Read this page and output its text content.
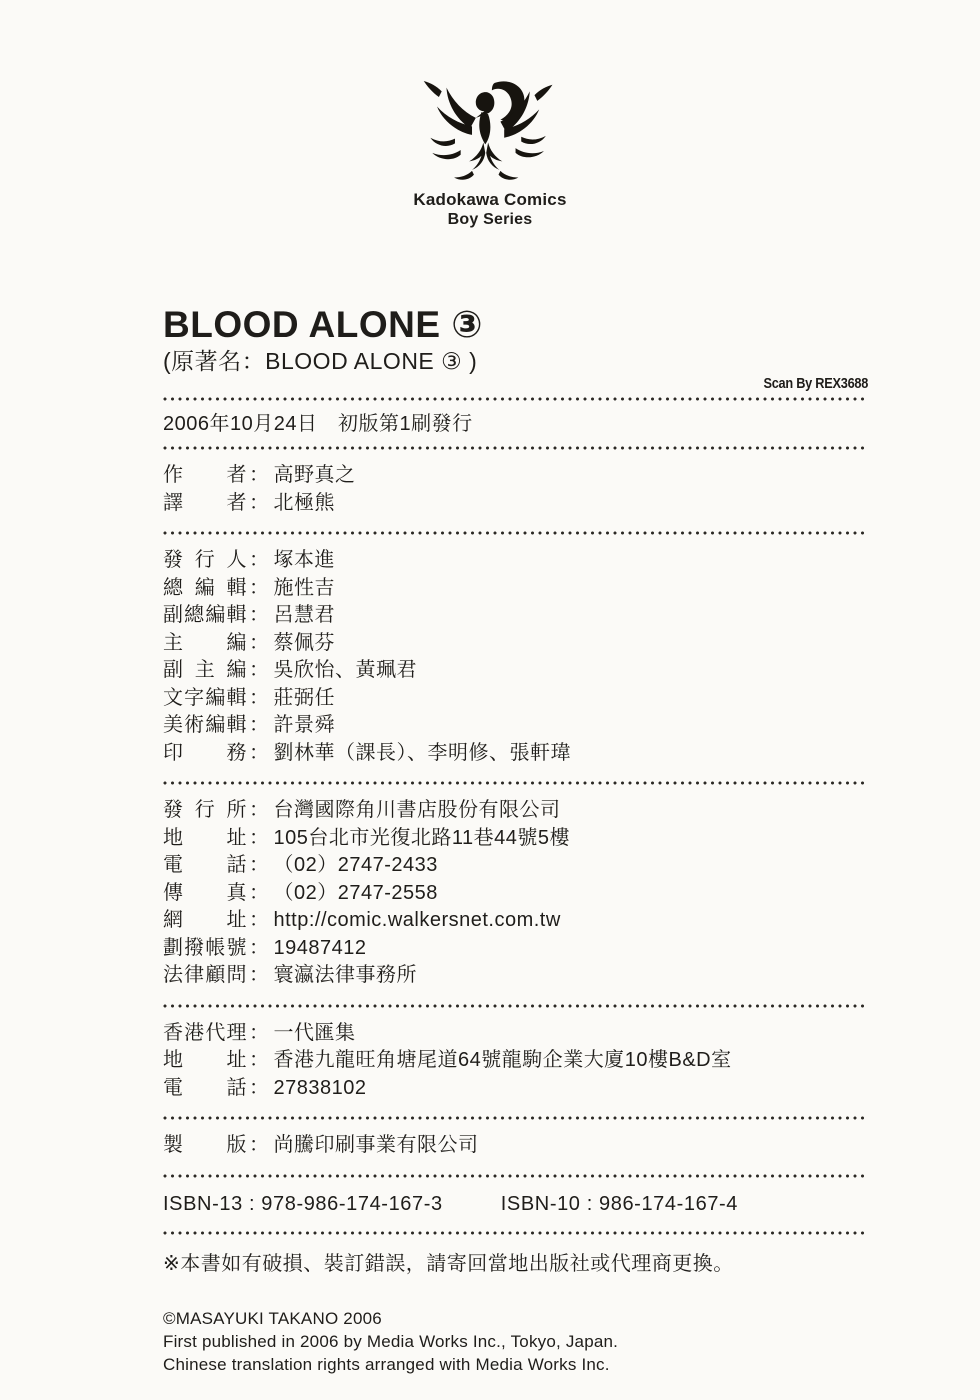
Kadokawa Comics
Boy Series
BLOOD ALONE ③
(原著名：BLOOD ALONE ③ )
Scan By REX3688
2006年10月24日　初版第1刷發行
作者 ： 高野真之
譯者 ： 北極熊
發行人 ： 塚本進
總編輯 ： 施性吉
副總編輯 ： 呂慧君
主編 ： 蔡佩芬
副主編 ： 吳欣怡、黃珮君
文字編輯 ： 莊弼任
美術編輯 ： 許景舜
印務 ： 劉林華（課長）、李明修、張軒瑋
發行所 ： 台灣國際角川書店股份有限公司
地址 ： 105台北市光復北路11巷44號5樓
電話 ： （02）2747-2433
傳真 ： （02）2747-2558
網址 ： http://comic.walkersnet.com.tw
劃撥帳號 ： 19487412
法律顧問 ： 寰瀛法律事務所
香港代理 ： 一代匯集
地址 ： 香港九龍旺角塘尾道64號龍駒企業大廈10樓B&D室
電話 ： 27838102
製版 ： 尚騰印刷事業有限公司
ISBN-13 : 978-986-174-167-3	ISBN-10 : 986-174-167-4
※本書如有破損、裝訂錯誤，請寄回當地出版社或代理商更換。
©MASAYUKI TAKANO 2006
First published in 2006 by Media Works Inc., Tokyo, Japan.
Chinese translation rights arranged with Media Works Inc.
